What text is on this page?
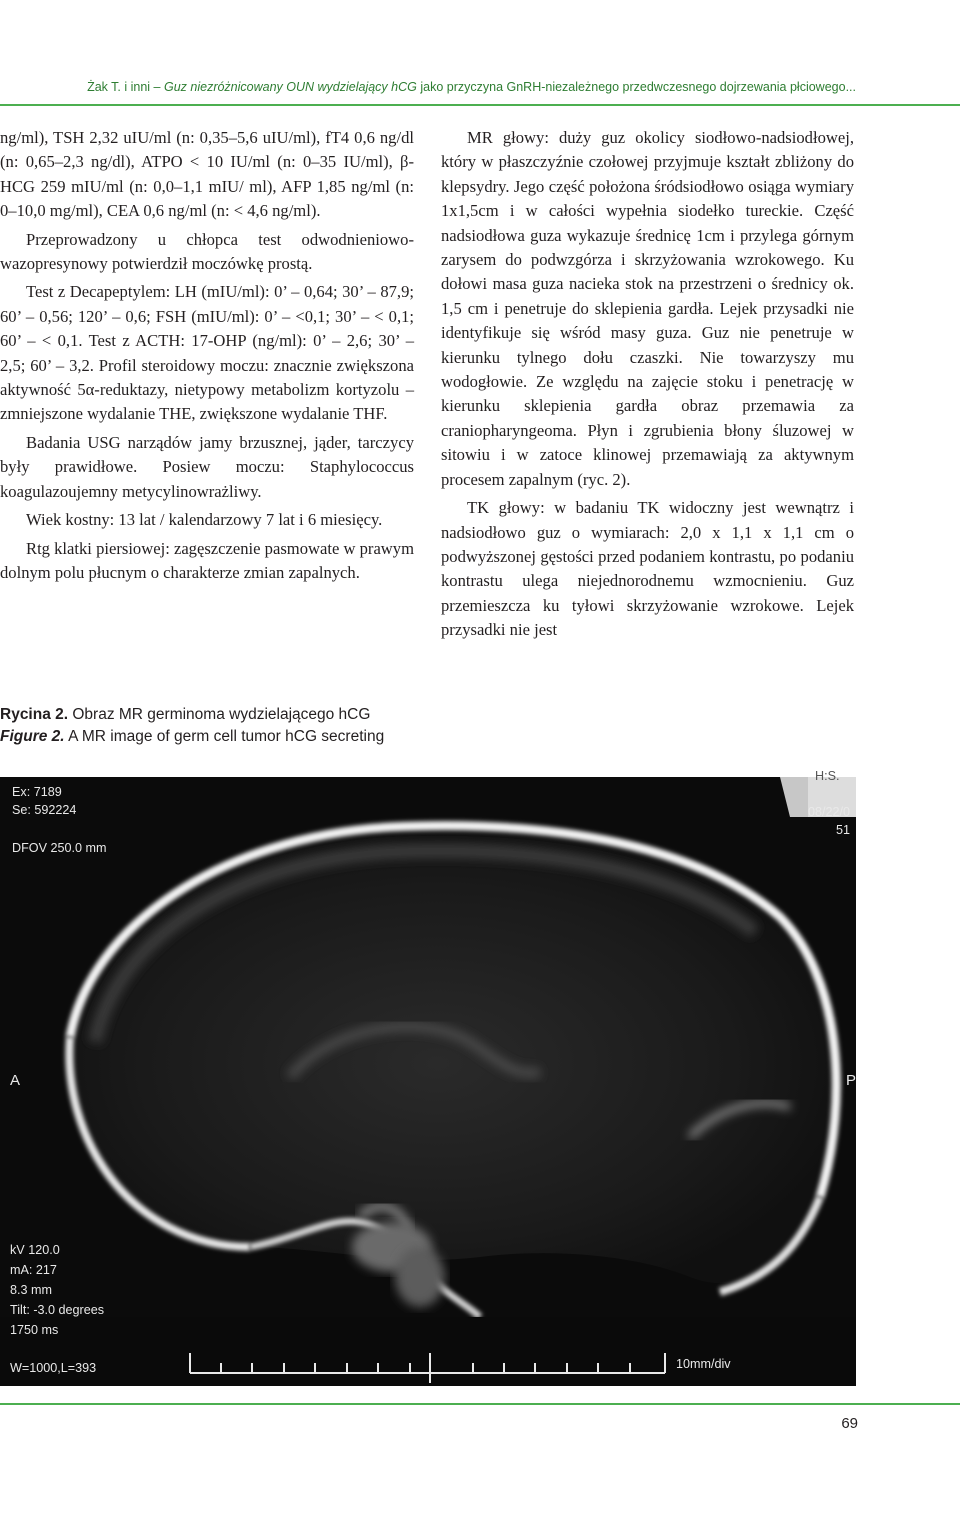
Żak T. i inni – Guz niezróżnicowany OUN wydzielający hCG jako przyczyna GnRH-niezależnego przedwczesnego dojrzewania płciowego...

ng/ml), TSH 2,32 uIU/ml (n: 0,35–5,6 uIU/ml), fT4 0,6 ng/dl (n: 0,65–2,3 ng/dl), ATPO < 10 IU/ml (n: 0–35 IU/ml), β-HCG 259 mIU/ml (n: 0,0–1,1 mIU/ ml), AFP 1,85 ng/ml (n: 0–10,0 mg/ml), CEA 0,6 ng/ml (n: < 4,6 ng/ml).

Przeprowadzony u chłopca test odwodnieniowo-wazopresynowy potwierdził moczówkę prostą.

Test z Decapeptylem: LH (mIU/ml): 0’ – 0,64; 30’ – 87,9; 60’ – 0,56; 120’ – 0,6; FSH (mIU/ml): 0’ – <0,1; 30’ – < 0,1; 60’ – < 0,1. Test z ACTH: 17-OHP (ng/ml): 0’ – 2,6; 30’ – 2,5; 60’ – 3,2. Profil steroidowy moczu: znacznie zwiększona aktywność 5α-reduktazy, nietypowy metabolizm kortyzolu – zmniejszone wydalanie THE, zwiększone wydalanie THF.

Badania USG narządów jamy brzusznej, jąder, tarczycy były prawidłowe. Posiew moczu: Staphylococcus koagulazoujemny metycylinowrażliwy.

Wiek kostny: 13 lat / kalendarzowy 7 lat i 6 miesięcy.

Rtg klatki piersiowej: zagęszczenie pasmowate w prawym dolnym polu płucnym o charakterze zmian zapalnych.

MR głowy: duży guz okolicy siodłowo-nadsiodłowej, który w płaszczyźnie czołowej przyjmuje kształt zbliżony do klepsydry. Jego część położona śródsiodłowo osiąga wymiary 1x1,5cm i w całości wypełnia siodełko tureckie. Część nadsiodłowa guza wykazuje średnicę 1cm i przylega górnym zarysem do podwzgórza i skrzyżowania wzrokowego. Ku dołowi masa guza nacieka stok na przestrzeni o średnicy ok. 1,5 cm i penetruje do sklepienia gardła. Lejek przysadki nie identyfikuje się wśród masy guza. Guz nie penetruje w kierunku tylnego dołu czaszki. Nie towarzyszy mu wodogłowie. Ze względu na zajęcie stoku i penetrację w kierunku sklepienia gardła obraz przemawia za craniopharyngeoma. Płyn i zgrubienia błony śluzowej w sitowiu i w zatoce klinowej przemawiają za aktywnym procesem zapalnym (ryc. 2).

TK głowy: w badaniu TK widoczny jest wewnątrz i nadsiodłowo guz o wymiarach: 2,0 x 1,1 x 1,1 cm o podwyższonej gęstości przed podaniem kontrastu, po podaniu kontrastu ulega niejednorodnemu wzmocnieniu. Guz przemieszcza ku tyłowi skrzyżowanie wzrokowe. Lejek przysadki nie jest

Rycina 2. Obraz MR germinoma wydzielającego hCG
Figure 2. A MR image of germ cell tumor hCG secreting
Ex: 7189
Se: 592224
DFOV 250.0 mm
H:S.
08/22/0
51
A	P
kV 120.0
mA: 217
8.3 mm
Tilt: -3.0 degrees
1750 ms
W=1000,L=393	10mm/div
69
